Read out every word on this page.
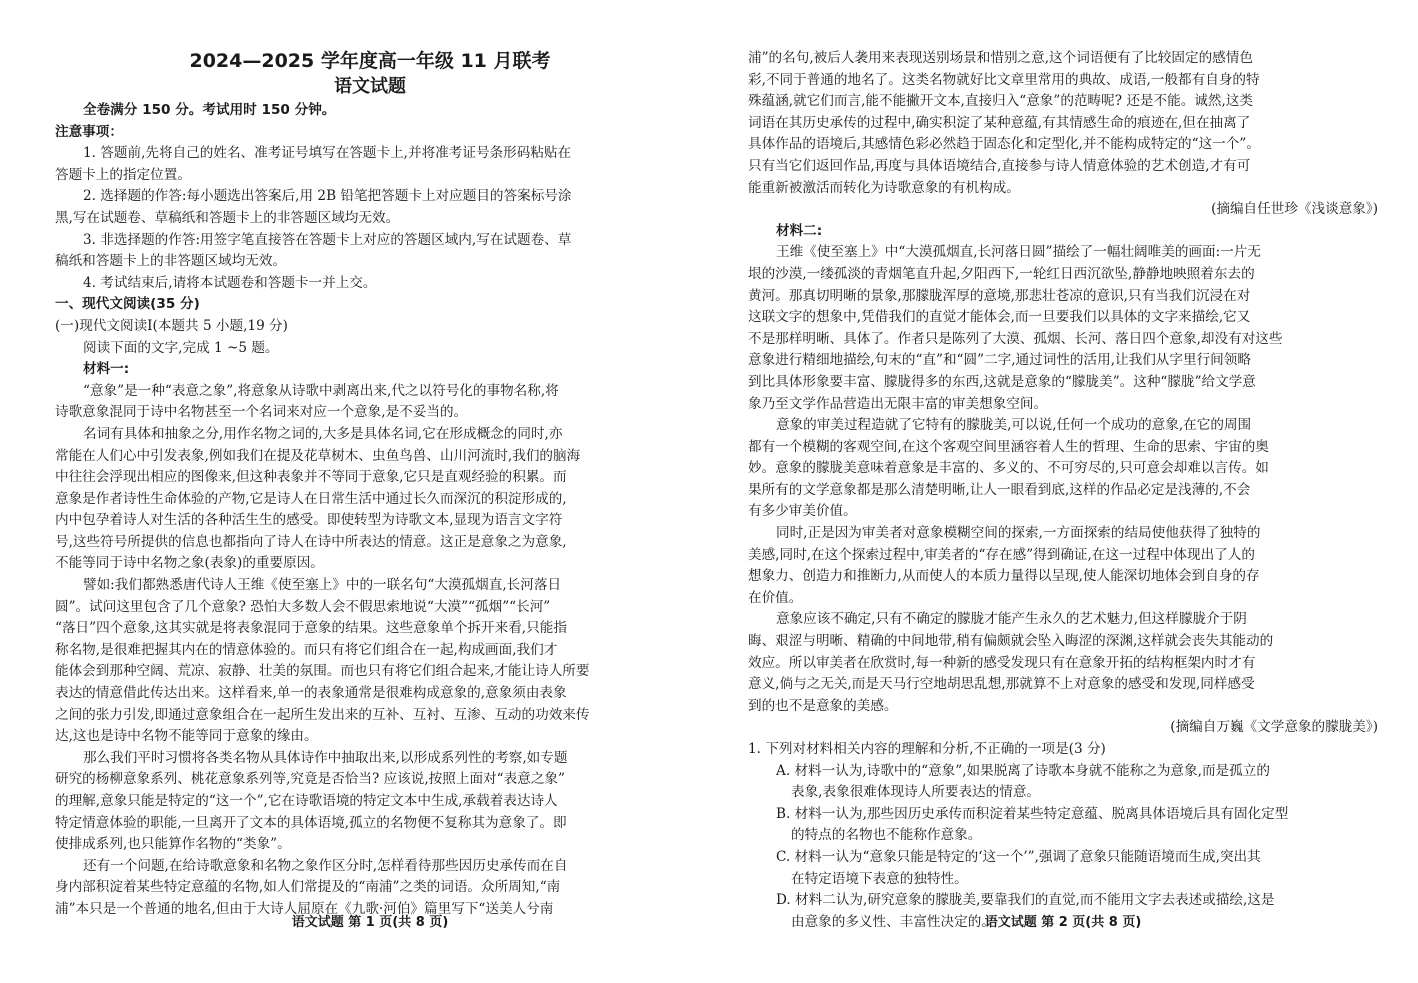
2024—2025 学年度高一年级 11 月联考

语文试题

全卷满分 150 分。考试用时 150 分钟。

注意事项：

1. 答题前,先将自己的姓名、准考证号填写在答题卡上,并将准考证号条形码粘贴在

答题卡上的指定位置。

2. 选择题的作答:每小题选出答案后,用 2B 铅笔把答题卡上对应题目的答案标号涂

黑,写在试题卷、草稿纸和答题卡上的非答题区域均无效。

3. 非选择题的作答:用签字笔直接答在答题卡上对应的答题区域内,写在试题卷、草

稿纸和答题卡上的非答题区域均无效。

4. 考试结束后,请将本试题卷和答题卡一并上交。

一、现代文阅读(35 分)

(一)现代文阅读Ⅰ(本题共 5 小题,19 分)

阅读下面的文字,完成 1 ~5 题。

材料一:

“意象”是一种“表意之象”,将意象从诗歌中剥离出来,代之以符号化的事物名称,将

诗歌意象混同于诗中名物甚至一个名词来对应一个意象,是不妥当的。

名词有具体和抽象之分,用作名物之词的,大多是具体名词,它在形成概念的同时,亦

常能在人们心中引发表象,例如我们在提及花草树木、虫鱼鸟兽、山川河流时,我们的脑海

中往往会浮现出相应的图像来,但这种表象并不等同于意象,它只是直观经验的积累。而

意象是作者诗性生命体验的产物,它是诗人在日常生活中通过长久而深沉的积淀形成的,

内中包孕着诗人对生活的各种活生生的感受。即使转型为诗歌文本,显现为语言文字符

号,这些符号所提供的信息也都指向了诗人在诗中所表达的情意。这正是意象之为意象,

不能等同于诗中名物之象(表象)的重要原因。

譬如:我们都熟悉唐代诗人王维《使至塞上》中的一联名句“大漠孤烟直,长河落日

圆”。试问这里包含了几个意象? 恐怕大多数人会不假思索地说“大漠”“孤烟”“长河”

“落日”四个意象,这其实就是将表象混同于意象的结果。这些意象单个拆开来看,只能指

称名物,是很难把握其内在的情意体验的。而只有将它们组合在一起,构成画面,我们才

能体会到那种空阔、荒凉、寂静、壮美的氛围。而也只有将它们组合起来,才能让诗人所要

表达的情意借此传达出来。这样看来,单一的表象通常是很难构成意象的,意象须由表象

之间的张力引发,即通过意象组合在一起所生发出来的互补、互衬、互渗、互动的功效来传

达,这也是诗中名物不能等同于意象的缘由。

那么我们平时习惯将各类名物从具体诗作中抽取出来,以形成系列性的考察,如专题

研究的杨柳意象系列、桃花意象系列等,究竟是否恰当? 应该说,按照上面对“表意之象”

的理解,意象只能是特定的“这一个”,它在诗歌语境的特定文本中生成,承载着表达诗人

特定情意体验的职能,一旦离开了文本的具体语境,孤立的名物便不复称其为意象了。即

使排成系列,也只能算作名物的“类象”。

还有一个问题,在给诗歌意象和名物之象作区分时,怎样看待那些因历史承传而在自

身内部积淀着某些特定意蕴的名物,如人们常提及的“南浦”之类的词语。众所周知,“南

浦”本只是一个普通的地名,但由于大诗人屈原在《九歌·河伯》篇里写下“送美人兮南

语文试题 第 1 页(共 8 页)

浦”的名句,被后人袭用来表现送别场景和惜别之意,这个词语便有了比较固定的感情色

彩,不同于普通的地名了。这类名物就好比文章里常用的典故、成语,一般都有自身的特

殊蕴涵,就它们而言,能不能撇开文本,直接归入“意象”的范畴呢? 还是不能。诚然,这类

词语在其历史承传的过程中,确实积淀了某种意蕴,有其情感生命的痕迹在,但在抽离了

具体作品的语境后,其感情色彩必然趋于固态化和定型化,并不能构成特定的“这一个”。

只有当它们返回作品,再度与具体语境结合,直接参与诗人情意体验的艺术创造,才有可

能重新被激活而转化为诗歌意象的有机构成。

(摘编自任世珍《浅谈意象》)

材料二:

王维《使至塞上》中“大漠孤烟直,长河落日圆”描绘了一幅壮阔唯美的画面:一片无

垠的沙漠,一缕孤淡的青烟笔直升起,夕阳西下,一轮红日西沉欲坠,静静地映照着东去的

黄河。那真切明晰的景象,那朦胧浑厚的意境,那悲壮苍凉的意识,只有当我们沉浸在对

这联文字的想象中,凭借我们的直觉才能体会,而一旦要我们以具体的文字来描绘,它又

不是那样明晰、具体了。作者只是陈列了大漠、孤烟、长河、落日四个意象,却没有对这些

意象进行精细地描绘,句末的“直”和“圆”二字,通过词性的活用,让我们从字里行间领略

到比具体形象要丰富、朦胧得多的东西,这就是意象的“朦胧美”。这种“朦胧”给文学意

象乃至文学作品营造出无限丰富的审美想象空间。

意象的审美过程造就了它特有的朦胧美,可以说,任何一个成功的意象,在它的周围

都有一个模糊的客观空间,在这个客观空间里涵容着人生的哲理、生命的思索、宇宙的奥

妙。意象的朦胧美意味着意象是丰富的、多义的、不可穷尽的,只可意会却难以言传。如

果所有的文学意象都是那么清楚明晰,让人一眼看到底,这样的作品必定是浅薄的,不会

有多少审美价值。

同时,正是因为审美者对意象模糊空间的探索,一方面探索的结局使他获得了独特的

美感,同时,在这个探索过程中,审美者的“存在感”得到确证,在这一过程中体现出了人的

想象力、创造力和推断力,从而使人的本质力量得以呈现,使人能深切地体会到自身的存

在价值。

意象应该不确定,只有不确定的朦胧才能产生永久的艺术魅力,但这样朦胧介于阴

晦、艰涩与明晰、精确的中间地带,稍有偏颇就会坠入晦涩的深渊,这样就会丧失其能动的

效应。所以审美者在欣赏时,每一种新的感受发现只有在意象开拓的结构框架内时才有

意义,倘与之无关,而是天马行空地胡思乱想,那就算不上对意象的感受和发现,同样感受

到的也不是意象的美感。

(摘编自万巍《文学意象的朦胧美》)

1. 下列对材料相关内容的理解和分析,不正确的一项是(3 分)

A. 材料一认为,诗歌中的“意象”,如果脱离了诗歌本身就不能称之为意象,而是孤立的

表象,表象很难体现诗人所要表达的情意。

B. 材料一认为,那些因历史承传而积淀着某些特定意蕴、脱离具体语境后具有固化定型

的特点的名物也不能称作意象。

C. 材料一认为“意象只能是特定的‘这一个’”,强调了意象只能随语境而生成,突出其

在特定语境下表意的独特性。

D. 材料二认为,研究意象的朦胧美,要靠我们的直觉,而不能用文字去表述或描绘,这是

由意象的多义性、丰富性决定的。

语文试题 第 2 页(共 8 页)
